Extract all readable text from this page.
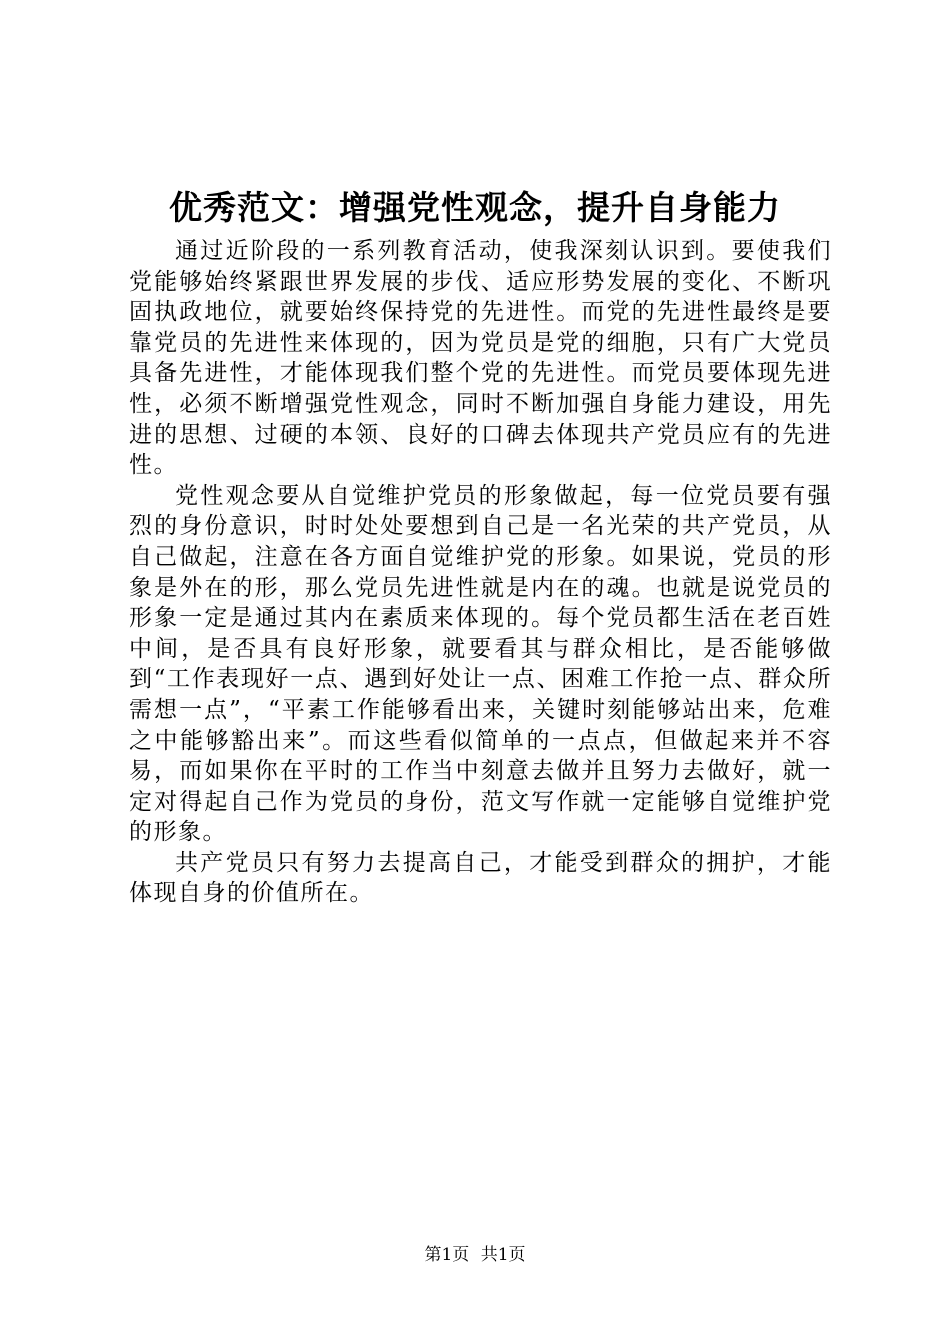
优秀范文：增强党性观念，提升自身能力

通过近阶段的一系列教育活动，使我深刻认识到。要使我们党能够始终紧跟世界发展的步伐、适应形势发展的变化、不断巩固执政地位，就要始终保持党的先进性。而党的先进性最终是要靠党员的先进性来体现的，因为党员是党的细胞，只有广大党员具备先进性，才能体现我们整个党的先进性。而党员要体现先进性，必须不断增强党性观念，同时不断加强自身能力建设，用先进的思想、过硬的本领、良好的口碑去体现共产党员应有的先进性。

党性观念要从自觉维护党员的形象做起，每一位党员要有强烈的身份意识，时时处处要想到自己是一名光荣的共产党员，从自己做起，注意在各方面自觉维护党的形象。如果说，党员的形象是外在的形，那么党员先进性就是内在的魂。也就是说党员的形象一定是通过其内在素质来体现的。每个党员都生活在老百姓中间，是否具有良好形象，就要看其与群众相比，是否能够做到“工作表现好一点、遇到好处让一点、困难工作抢一点、群众所需想一点”，“平素工作能够看出来，关键时刻能够站出来，危难之中能够豁出来”。而这些看似简单的一点点，但做起来并不容易，而如果你在平时的工作当中刻意去做并且努力去做好，就一定对得起自己作为党员的身份，范文写作就一定能够自觉维护党的形象。

共产党员只有努力去提高自己，才能受到群众的拥护，才能体现自身的价值所在。

第1页 共1页
